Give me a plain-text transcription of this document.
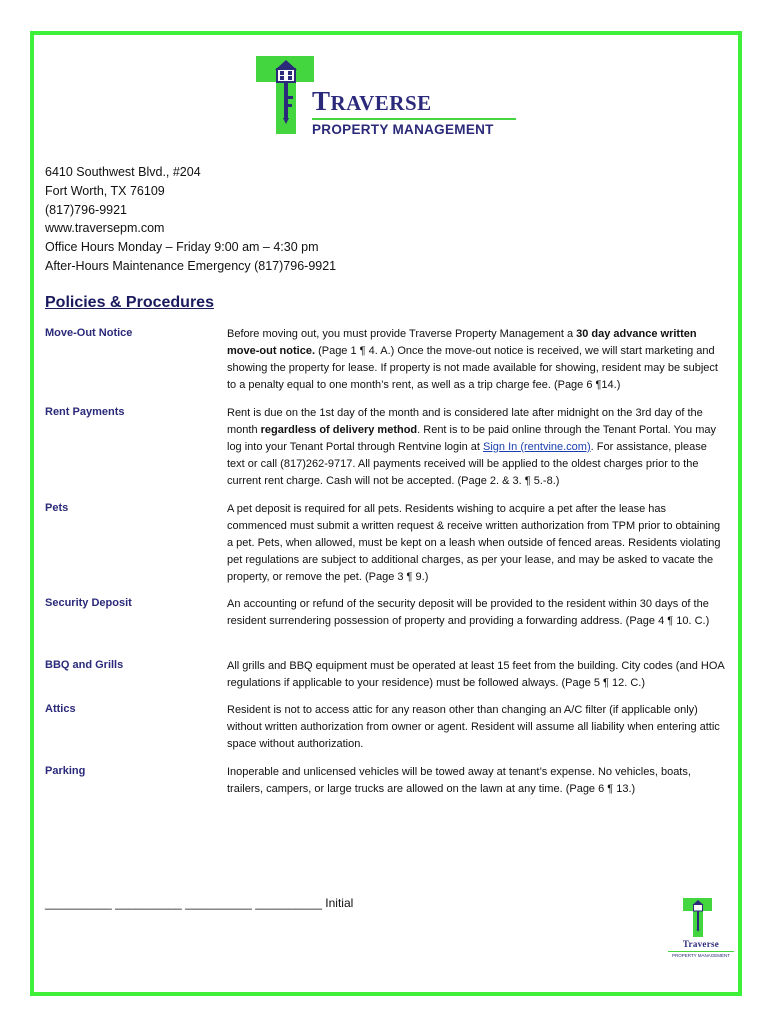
TRAVERSE
PROPERTY MANAGEMENT
6410 Southwest Blvd., #204
Fort Worth, TX 76109
(817)796-9921
www.traversepm.com
Office Hours Monday – Friday 9:00 am – 4:30 pm
After-Hours Maintenance Emergency (817)796-9921
Policies & Procedures
Move-Out Notice	Before moving out, you must provide Traverse Property Management a 30 day advance written move-out notice. (Page 1 ¶ 4. A.) Once the move-out notice is received, we will start marketing and showing the property for lease. If property is not made available for showing, resident may be subject to a penalty equal to one month’s rent, as well as a trip charge fee. (Page 6 ¶14.)
Rent Payments	Rent is due on the 1st day of the month and is considered late after midnight on the 3rd day of the month regardless of delivery method. Rent is to be paid online through the Tenant Portal. You may log into your Tenant Portal through Rentvine login at Sign In (rentvine.com). For assistance, please text or call (817)262-9717. All payments received will be applied to the oldest charges prior to the current rent charge. Cash will not be accepted. (Page 2. & 3. ¶ 5.-8.)
Pets	A pet deposit is required for all pets. Residents wishing to acquire a pet after the lease has commenced must submit a written request & receive written authorization from TPM prior to obtaining a pet. Pets, when allowed, must be kept on a leash when outside of fenced areas. Residents violating pet regulations are subject to additional charges, as per your lease, and may be asked to vacate the property, or remove the pet. (Page 3 ¶ 9.)
Security Deposit	An accounting or refund of the security deposit will be provided to the resident within 30 days of the resident surrendering possession of property and providing a forwarding address. (Page 4 ¶ 10. C.)
BBQ and Grills	All grills and BBQ equipment must be operated at least 15 feet from the building. City codes (and HOA regulations if applicable to your residence) must be followed always. (Page 5 ¶ 12. C.)
Attics	Resident is not to access attic for any reason other than changing an A/C filter (if applicable only) without written authorization from owner or agent. Resident will assume all liability when entering attic space without authorization.
Parking	Inoperable and unlicensed vehicles will be towed away at tenant’s expense. No vehicles, boats, trailers, campers, or large trucks are allowed on the lawn at any time. (Page 6 ¶ 13.)
__________ __________ __________ __________ Initial
Traverse
PROPERTY MANAGEMENT
